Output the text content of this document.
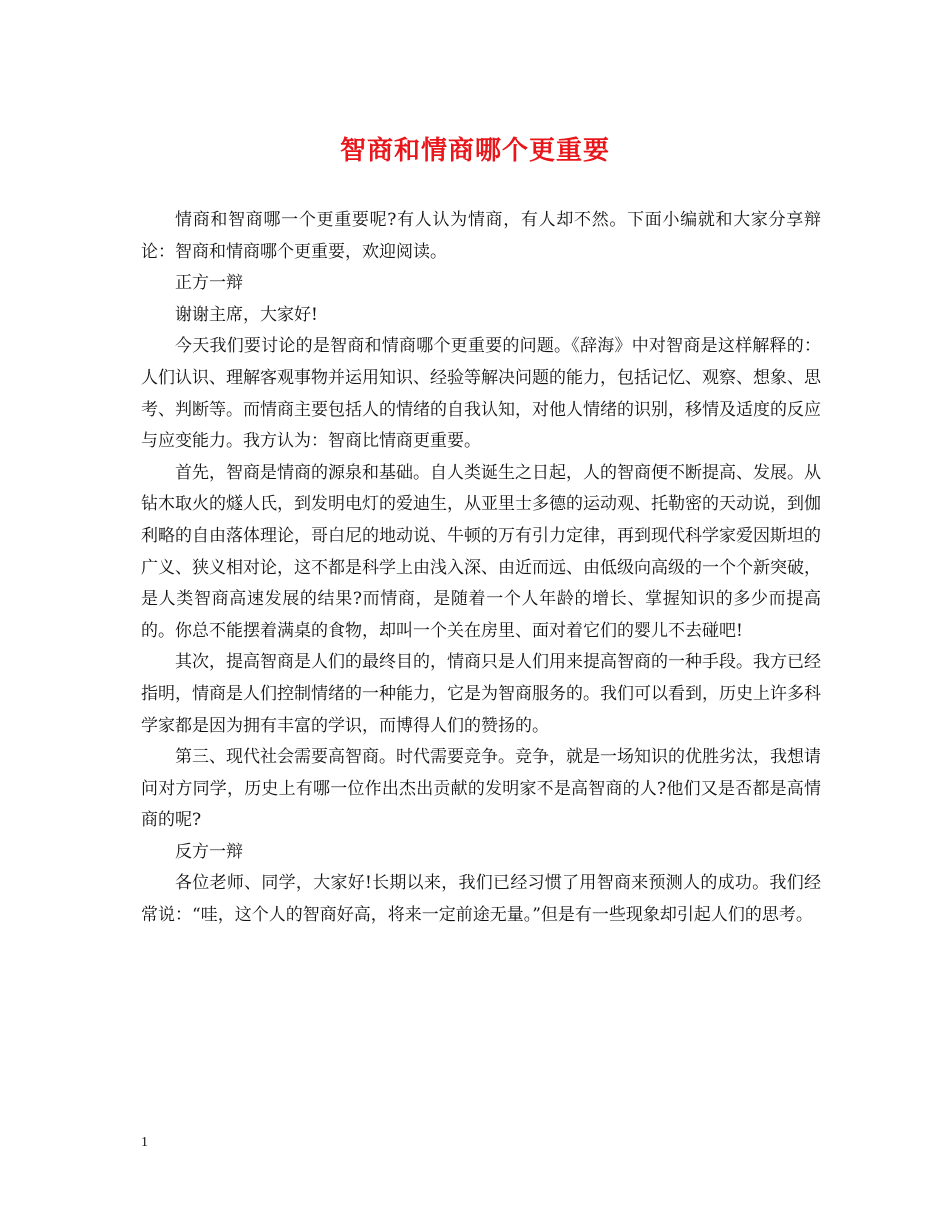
智商和情商哪个更重要

情商和智商哪一个更重要呢?有人认为情商，有人却不然。下面小编就和大家分享辩论：智商和情商哪个更重要，欢迎阅读。

正方一辩

谢谢主席，大家好!

今天我们要讨论的是智商和情商哪个更重要的问题。《辞海》中对智商是这样解释的：人们认识、理解客观事物并运用知识、经验等解决问题的能力，包括记忆、观察、想象、思考、判断等。而情商主要包括人的情绪的自我认知，对他人情绪的识别，移情及适度的反应与应变能力。我方认为：智商比情商更重要。

首先，智商是情商的源泉和基础。自人类诞生之日起，人的智商便不断提高、发展。从钻木取火的燧人氏，到发明电灯的爱迪生，从亚里士多德的运动观、托勒密的天动说，到伽利略的自由落体理论，哥白尼的地动说、牛顿的万有引力定律，再到现代科学家爱因斯坦的广义、狭义相对论，这不都是科学上由浅入深、由近而远、由低级向高级的一个个新突破，是人类智商高速发展的结果?而情商，是随着一个人年龄的增长、掌握知识的多少而提高的。你总不能摆着满桌的食物，却叫一个关在房里、面对着它们的婴儿不去碰吧!

其次，提高智商是人们的最终目的，情商只是人们用来提高智商的一种手段。我方已经指明，情商是人们控制情绪的一种能力，它是为智商服务的。我们可以看到，历史上许多科学家都是因为拥有丰富的学识，而博得人们的赞扬的。

第三、现代社会需要高智商。时代需要竞争。竞争，就是一场知识的优胜劣汰，我想请问对方同学，历史上有哪一位作出杰出贡献的发明家不是高智商的人?他们又是否都是高情商的呢?

反方一辩

各位老师、同学，大家好!长期以来，我们已经习惯了用智商来预测人的成功。我们经常说：“哇，这个人的智商好高，将来一定前途无量。”但是有一些现象却引起人们的思考。

1
